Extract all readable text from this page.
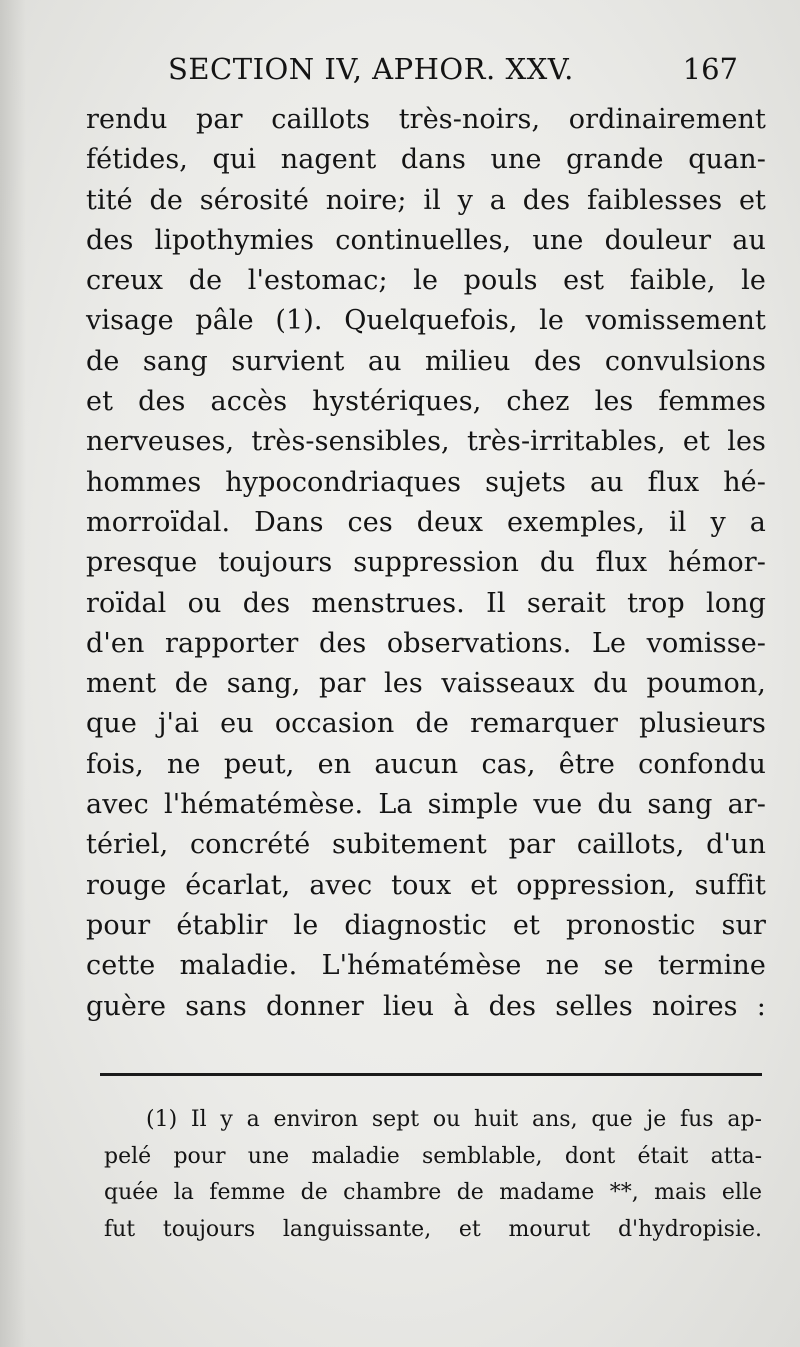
SECTION IV, APHOR. XXV.	167
rendu par caillots très-noirs, ordinairement
fétides, qui nagent dans une grande quan-
tité de sérosité noire; il y a des faiblesses et
des lipothymies continuelles, une douleur au
creux de l'estomac; le pouls est faible, le
visage pâle (1). Quelquefois, le vomissement
de sang survient au milieu des convulsions
et des accès hystériques, chez les femmes
nerveuses, très-sensibles, très-irritables, et les
hommes hypocondriaques sujets au flux hé-
morroïdal. Dans ces deux exemples, il y a
presque toujours suppression du flux hémor-
roïdal ou des menstrues. Il serait trop long
d'en rapporter des observations. Le vomisse-
ment de sang, par les vaisseaux du poumon,
que j'ai eu occasion de remarquer plusieurs
fois, ne peut, en aucun cas, être confondu
avec l'hématémèse. La simple vue du sang ar-
tériel, concrété subitement par caillots, d'un
rouge écarlat, avec toux et oppression, suffit
pour établir le diagnostic et pronostic sur
cette maladie. L'hématémèse ne se termine
guère sans donner lieu à des selles noires :
(1) Il y a environ sept ou huit ans, que je fus ap-
pelé pour une maladie semblable, dont était atta-
quée la femme de chambre de madame **, mais elle
fut toujours languissante, et mourut d'hydropisie.
